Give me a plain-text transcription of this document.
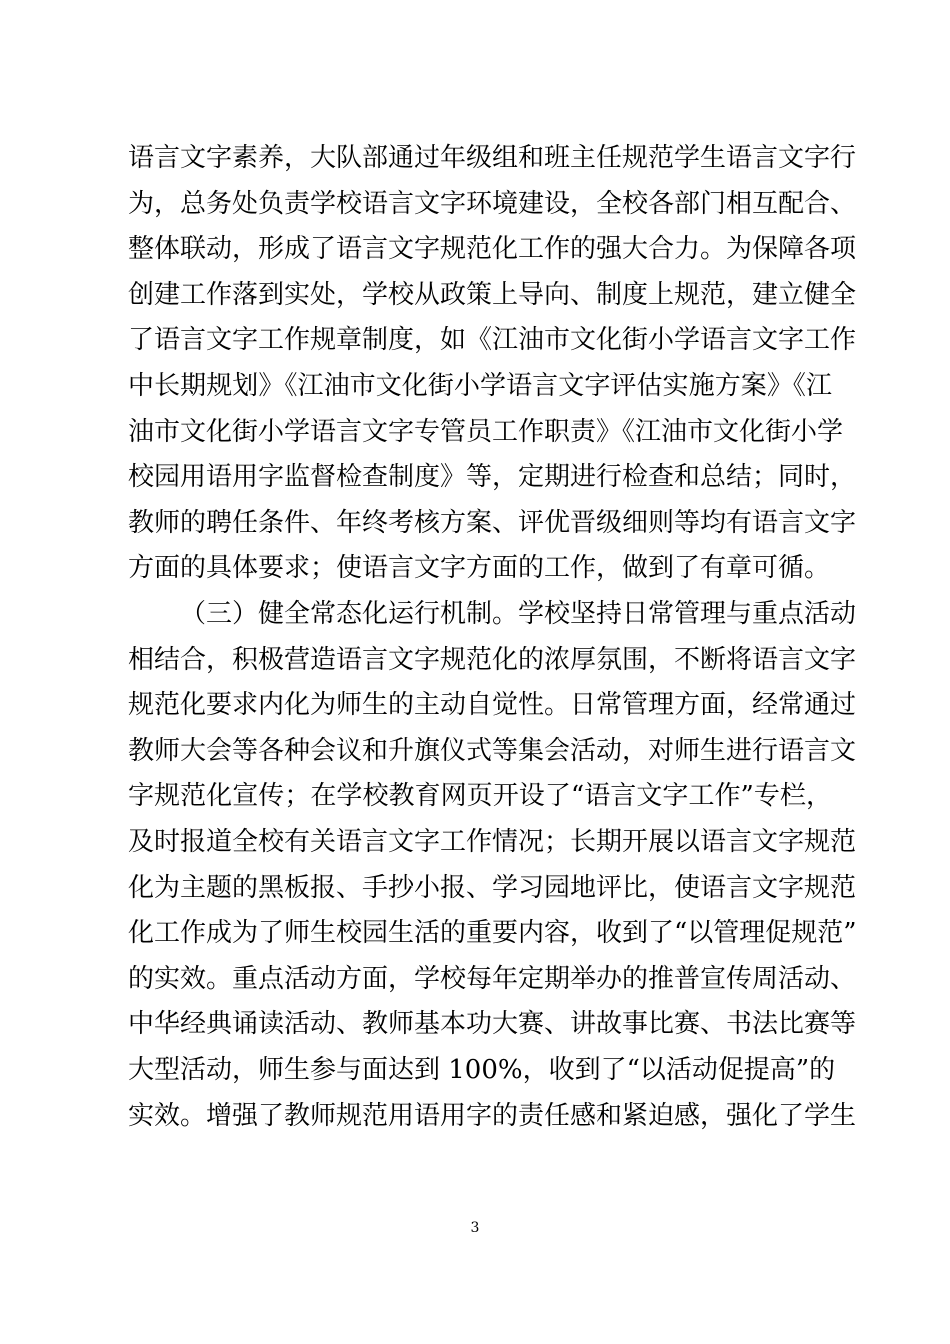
语言文字素养，大队部通过年级组和班主任规范学生语言文字行
为，总务处负责学校语言文字环境建设，全校各部门相互配合、
整体联动，形成了语言文字规范化工作的强大合力。为保障各项
创建工作落到实处，学校从政策上导向、制度上规范，建立健全
了语言文字工作规章制度，如《江油市文化街小学语言文字工作
中长期规划》《江油市文化街小学语言文字评估实施方案》《江
油市文化街小学语言文字专管员工作职责》《江油市文化街小学
校园用语用字监督检查制度》等，定期进行检查和总结；同时，
教师的聘任条件、年终考核方案、评优晋级细则等均有语言文字
方面的具体要求；使语言文字方面的工作，做到了有章可循。
（三）健全常态化运行机制。学校坚持日常管理与重点活动
相结合，积极营造语言文字规范化的浓厚氛围，不断将语言文字
规范化要求内化为师生的主动自觉性。日常管理方面，经常通过
教师大会等各种会议和升旗仪式等集会活动，对师生进行语言文
字规范化宣传；在学校教育网页开设了“语言文字工作”专栏，
及时报道全校有关语言文字工作情况；长期开展以语言文字规范
化为主题的黑板报、手抄小报、学习园地评比，使语言文字规范
化工作成为了师生校园生活的重要内容，收到了“以管理促规范”
的实效。重点活动方面，学校每年定期举办的推普宣传周活动、
中华经典诵读活动、教师基本功大赛、讲故事比赛、书法比赛等
大型活动，师生参与面达到 100%，收到了“以活动促提高”的
实效。增强了教师规范用语用字的责任感和紧迫感，强化了学生
3
